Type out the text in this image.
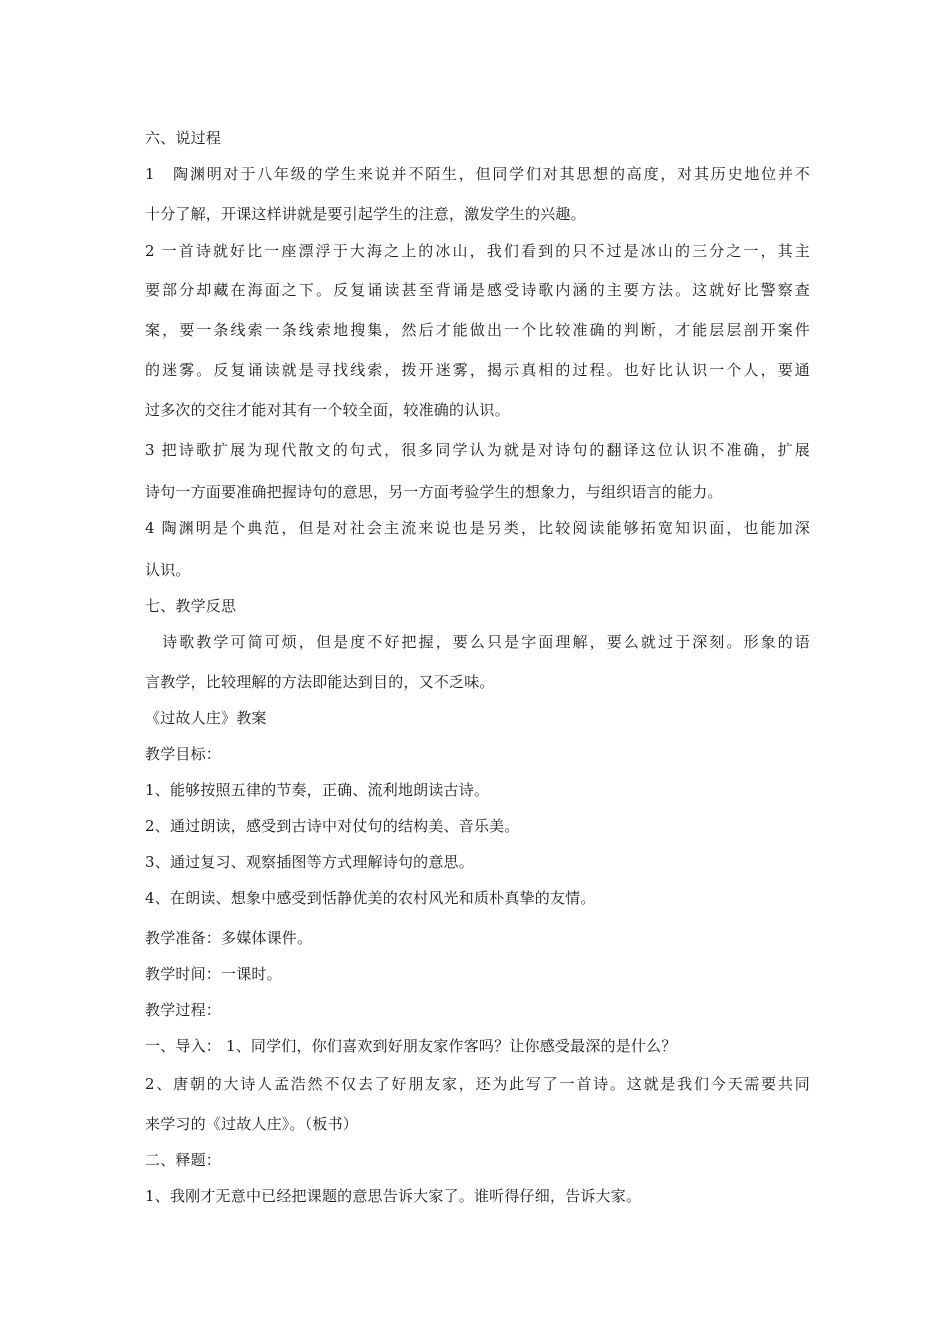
六、说过程
1　陶渊明对于八年级的学生来说并不陌生，但同学们对其思想的高度，对其历史地位并不
十分了解，开课这样讲就是要引起学生的注意，激发学生的兴趣。
2 一首诗就好比一座漂浮于大海之上的冰山，我们看到的只不过是冰山的三分之一，其主
要部分却藏在海面之下。反复诵读甚至背诵是感受诗歌内涵的主要方法。这就好比警察查
案，要一条线索一条线索地搜集，然后才能做出一个比较准确的判断，才能层层剖开案件
的迷雾。反复诵读就是寻找线索，拨开迷雾，揭示真相的过程。也好比认识一个人，要通
过多次的交往才能对其有一个较全面，较准确的认识。
3 把诗歌扩展为现代散文的句式，很多同学认为就是对诗句的翻译这位认识不准确，扩展
诗句一方面要准确把握诗句的意思，另一方面考验学生的想象力，与组织语言的能力。
4 陶渊明是个典范，但是对社会主流来说也是另类，比较阅读能够拓宽知识面，也能加深
认识。
七、教学反思
　诗歌教学可简可烦，但是度不好把握，要么只是字面理解，要么就过于深刻。形象的语
言教学，比较理解的方法即能达到目的，又不乏味。
《过故人庄》教案
教学目标：
1、能够按照五律的节奏，正确、流利地朗读古诗。
2、通过朗读，感受到古诗中对仗句的结构美、音乐美。
3、通过复习、观察插图等方式理解诗句的意思。
4、在朗读、想象中感受到恬静优美的农村风光和质朴真挚的友情。
教学准备：多媒体课件。
教学时间：一课时。
教学过程：
一、导入： 1、同学们，你们喜欢到好朋友家作客吗？让你感受最深的是什么？
2、唐朝的大诗人孟浩然不仅去了好朋友家，还为此写了一首诗。这就是我们今天需要共同
来学习的《过故人庄》。（板书）
二、释题：
1、我刚才无意中已经把课题的意思告诉大家了。谁听得仔细，告诉大家。
